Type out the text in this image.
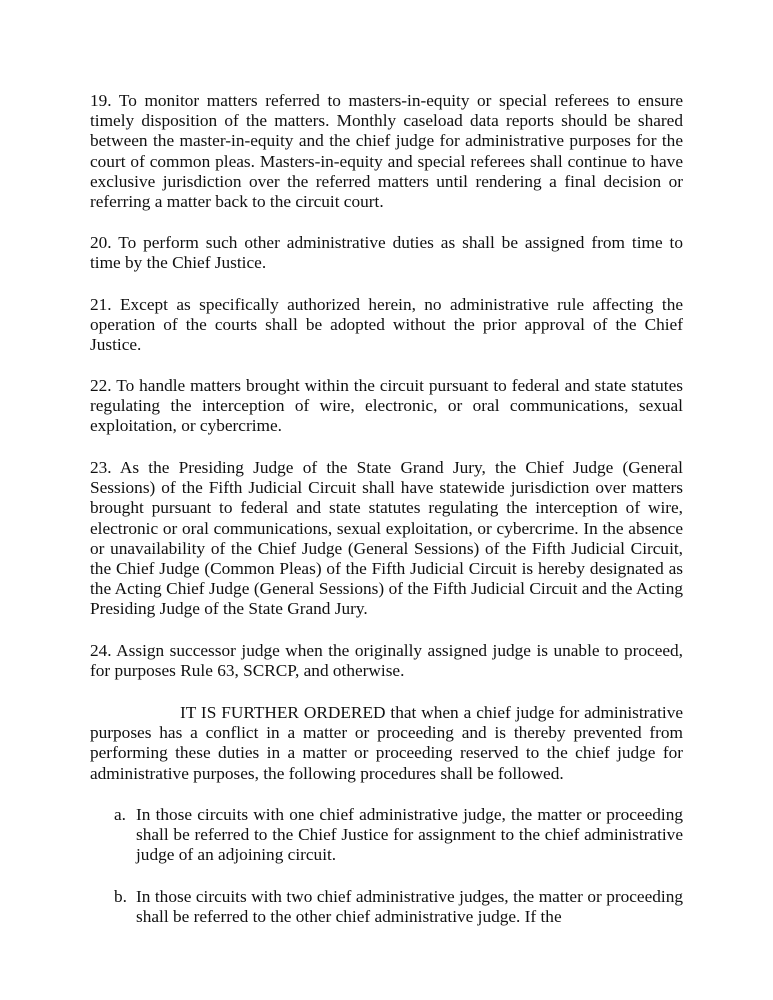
19. To monitor matters referred to masters-in-equity or special referees to ensure timely disposition of the matters. Monthly caseload data reports should be shared between the master-in-equity and the chief judge for administrative purposes for the court of common pleas. Masters-in-equity and special referees shall continue to have exclusive jurisdiction over the referred matters until rendering a final decision or referring a matter back to the circuit court.

20. To perform such other administrative duties as shall be assigned from time to time by the Chief Justice.

21. Except as specifically authorized herein, no administrative rule affecting the operation of the courts shall be adopted without the prior approval of the Chief Justice.

22. To handle matters brought within the circuit pursuant to federal and state statutes regulating the interception of wire, electronic, or oral communications, sexual exploitation, or cybercrime.

23. As the Presiding Judge of the State Grand Jury, the Chief Judge (General Sessions) of the Fifth Judicial Circuit shall have statewide jurisdiction over matters brought pursuant to federal and state statutes regulating the interception of wire, electronic or oral communications, sexual exploitation, or cybercrime. In the absence or unavailability of the Chief Judge (General Sessions) of the Fifth Judicial Circuit, the Chief Judge (Common Pleas) of the Fifth Judicial Circuit is hereby designated as the Acting Chief Judge (General Sessions) of the Fifth Judicial Circuit and the Acting Presiding Judge of the State Grand Jury.

24. Assign successor judge when the originally assigned judge is unable to proceed, for purposes Rule 63, SCRCP, and otherwise.

IT IS FURTHER ORDERED that when a chief judge for administrative purposes has a conflict in a matter or proceeding and is thereby prevented from performing these duties in a matter or proceeding reserved to the chief judge for administrative purposes, the following procedures shall be followed.

a. In those circuits with one chief administrative judge, the matter or proceeding shall be referred to the Chief Justice for assignment to the chief administrative judge of an adjoining circuit.

b. In those circuits with two chief administrative judges, the matter or proceeding shall be referred to the other chief administrative judge. If the
